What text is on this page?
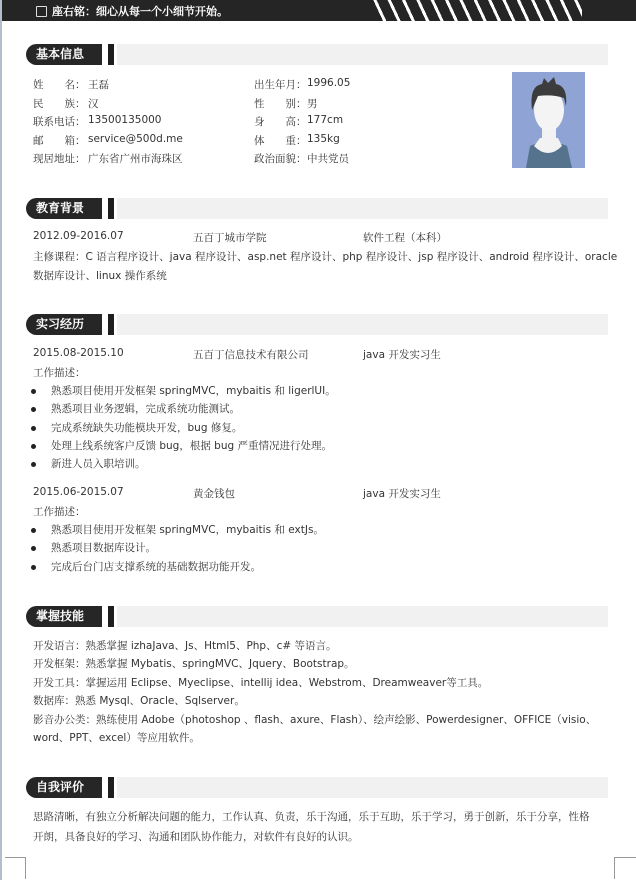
座右铭：细心从每一个小细节开始。
基本信息
姓　　名： 王磊
民　　族： 汉
联系电话： 13500135000
邮　　箱： service@500d.me
现居地址： 广东省广州市海珠区
出生年月： 1996.05
性　　别： 男
身　　高： 177cm
体　　重： 135kg
政治面貌： 中共党员
教育背景
2012.09-2016.07	五百丁城市学院	软件工程（本科）
主修课程：C 语言程序设计、java 程序设计、asp.net 程序设计、php 程序设计、jsp 程序设计、android 程序设计、oracle
数据库设计、linux 操作系统
实习经历
2015.08-2015.10	五百丁信息技术有限公司	java 开发实习生
工作描述：
熟悉项目使用开发框架 springMVC，mybaitis 和 ligerlUI。
熟悉项目业务逻辑，完成系统功能测试。
完成系统缺失功能模块开发，bug 修复。
处理上线系统客户反馈 bug，根据 bug 严重情况进行处理。
新进人员入职培训。
2015.06-2015.07	黄金钱包	java 开发实习生
工作描述：
熟悉项目使用开发框架 springMVC，mybaitis 和 extJs。
熟悉项目数据库设计。
完成后台门店支撑系统的基础数据功能开发。
掌握技能
开发语言：熟悉掌握 izhaJava、Js、Html5、Php、c# 等语言。
开发框架：熟悉掌握 Mybatis、springMVC、Jquery、Bootstrap。
开发工具：掌握运用 Eclipse、Myeclipse、intellij idea、Webstrom、Dreamweaver等工具。
数据库：熟悉 Mysql、Oracle、Sqlserver。
影音办公类：熟练使用 Adobe（photoshop 、flash、axure、Flash）、绘声绘影、Powerdesigner、OFFICE（visio、
word、PPT、excel）等应用软件。
自我评价
思路清晰，有独立分析解决问题的能力，工作认真、负责，乐于沟通，乐于互助，乐于学习，勇于创新，乐于分享，性格
开朗，具备良好的学习、沟通和团队协作能力，对软件有良好的认识。
